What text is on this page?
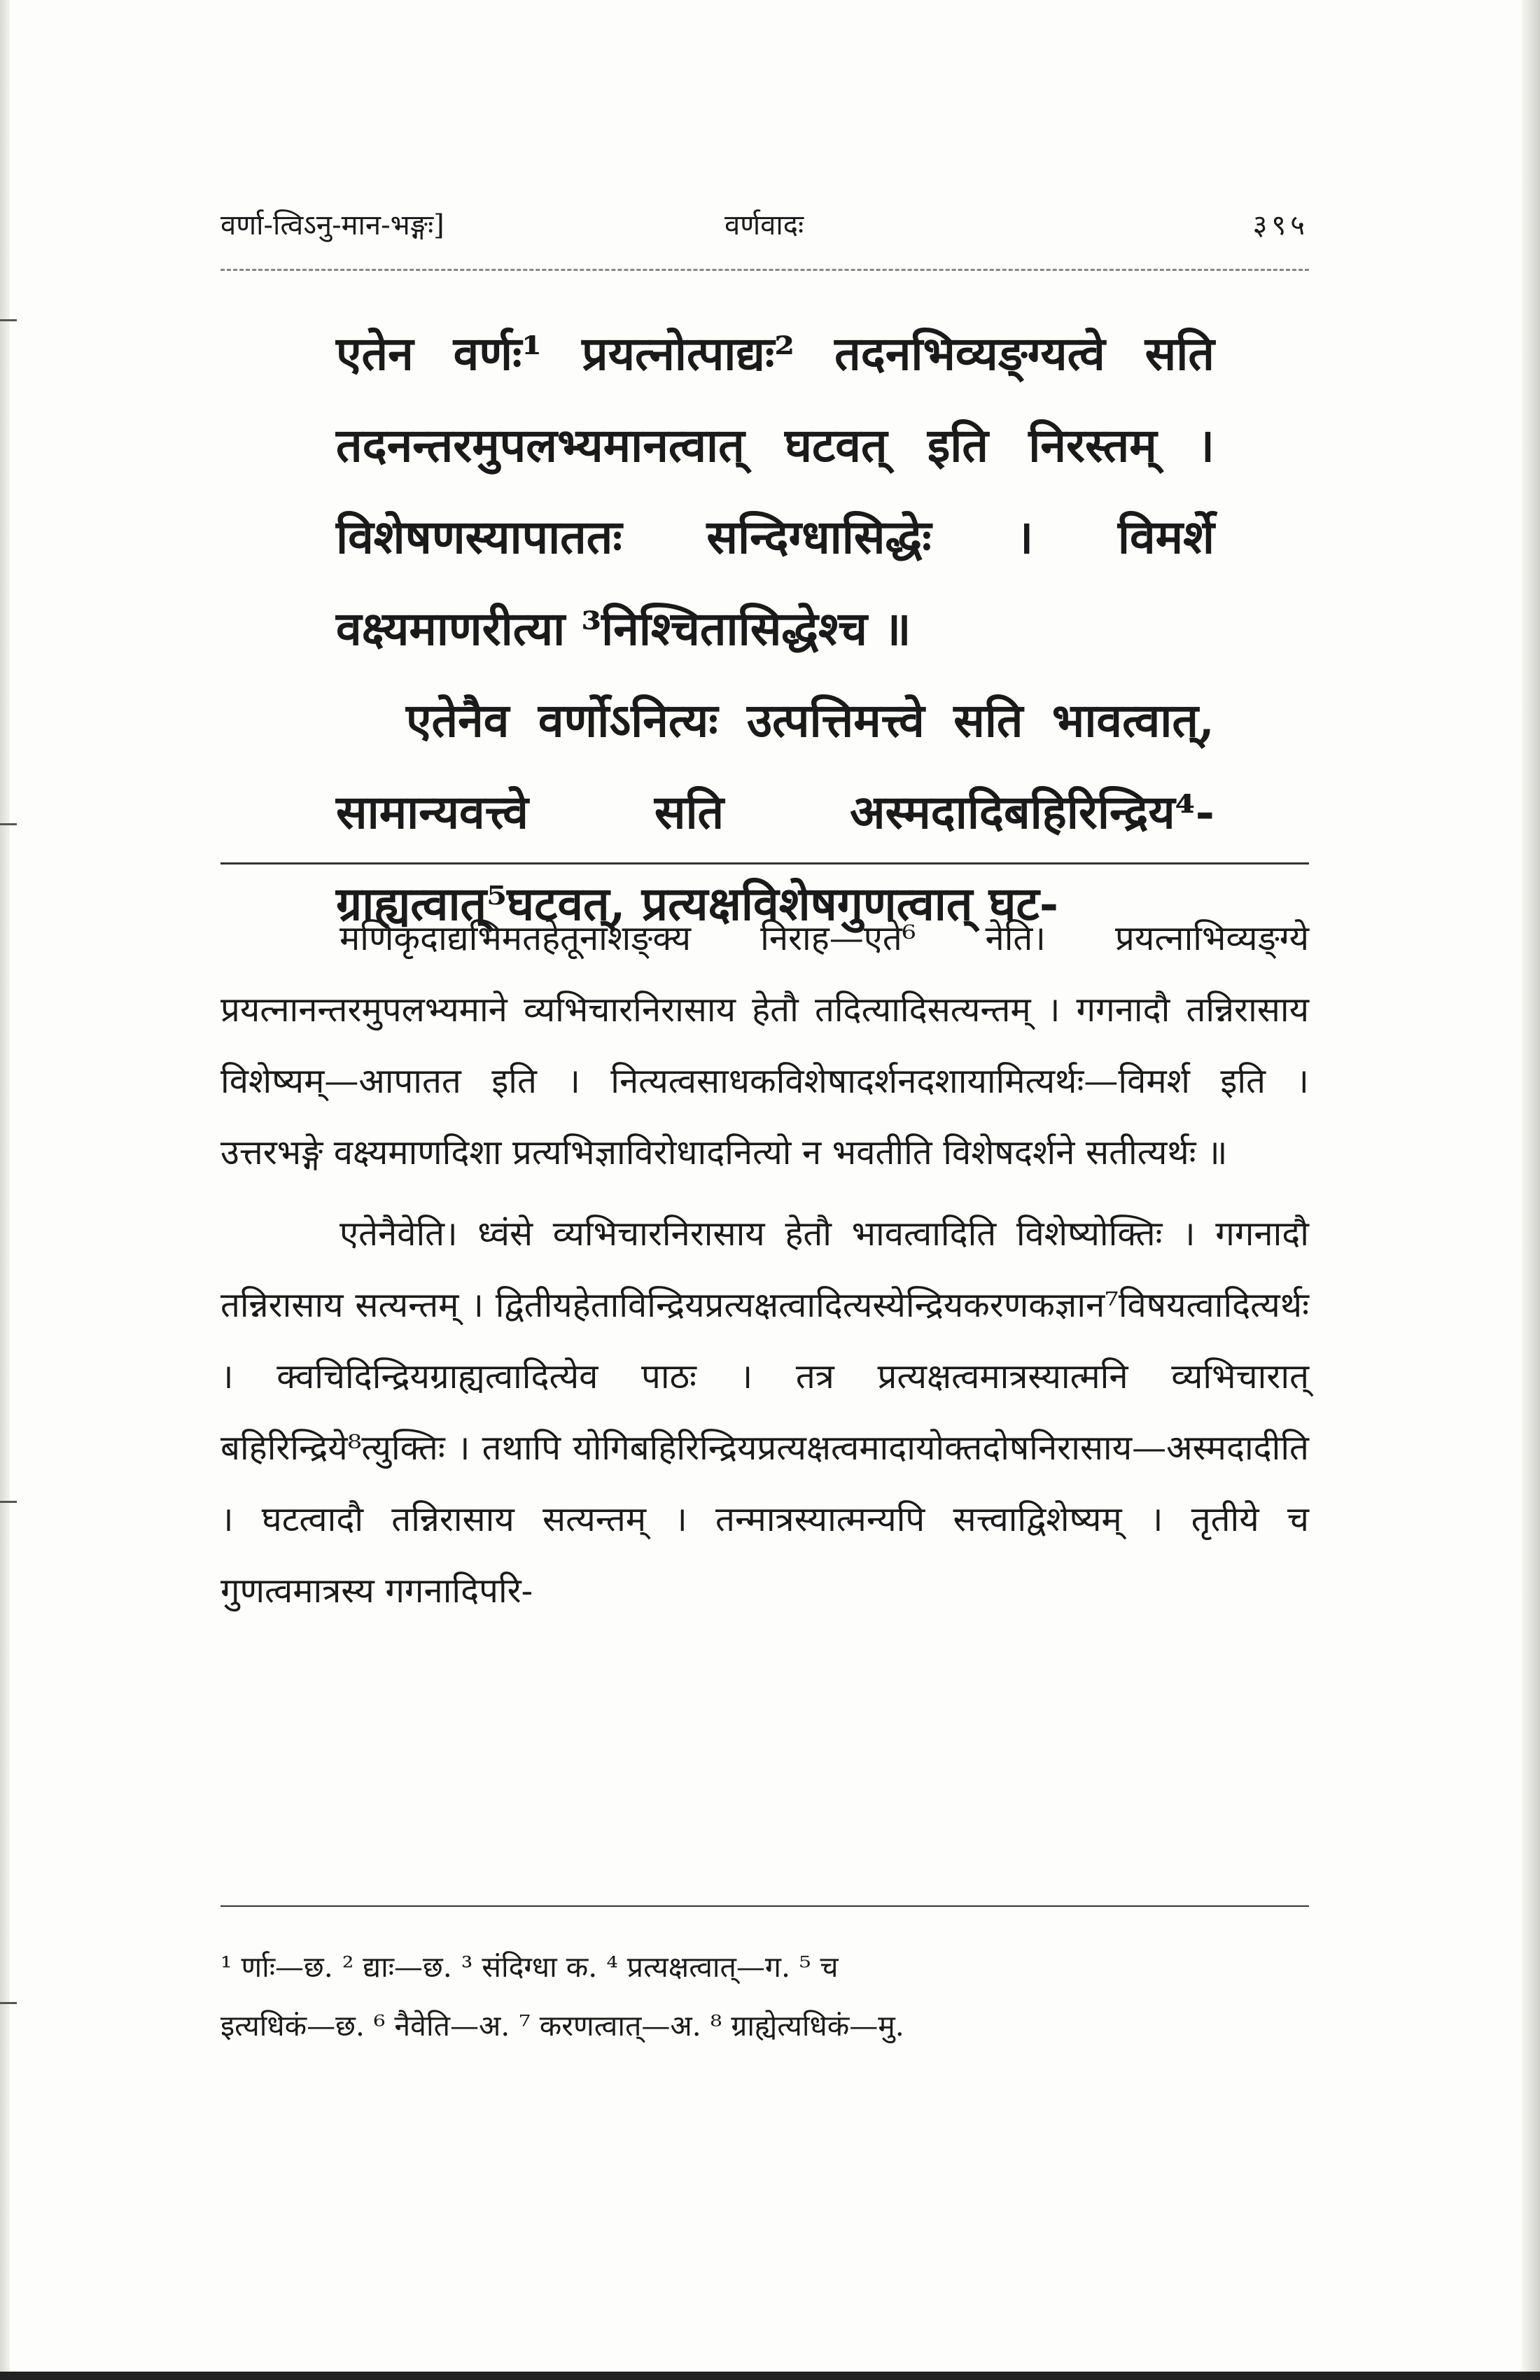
वर्णा-त्विऽनु-मान-भङ्गः]	वर्णवादः	३९५

एतेन वर्णः¹ प्रयत्नोत्पाद्यः² तदनभिव्यङ्ग्यत्वे सति तदनन्तरमुपलभ्यमानत्वात् घटवत् इति निरस्तम् । विशेषणस्यापाततः सन्दिग्धासिद्धेः । विमर्शे वक्ष्यमाणरीत्या ³निश्चितासिद्धेश्च ॥

एतेनैव वर्णोऽनित्यः उत्पत्तिमत्त्वे सति भावत्वात्, सामान्यवत्त्वे सति अस्मदादिबहिरिन्द्रिय⁴-ग्राह्यत्वात्⁵घटवत्, प्रत्यक्षविशेषगुणत्वात् घट-

मणिकृदाद्यभिमतहेतूनाशङ्क्य निराह—एते⁶ नेति। प्रयत्नाभिव्यङ्ग्ये प्रयत्नानन्तरमुपलभ्यमाने व्यभिचारनिरासाय हेतौ तदित्यादिसत्यन्तम् । गगनादौ तन्निरासाय विशेष्यम्—आपातत इति । नित्यत्वसाधकविशेषादर्शनदशायामित्यर्थः—विमर्श इति । उत्तरभङ्गे वक्ष्यमाणदिशा प्रत्यभिज्ञाविरोधादनित्यो न भवतीति विशेषदर्शने सतीत्यर्थः ॥

एतेनैवेति। ध्वंसे व्यभिचारनिरासाय हेतौ भावत्वादिति विशेष्योक्तिः । गगनादौ तन्निरासाय सत्यन्तम् । द्वितीयहेताविन्द्रियप्रत्यक्षत्वादित्यस्येन्द्रियकरणकज्ञान⁷विषयत्वादित्यर्थः । क्वचिदिन्द्रियग्राह्यत्वादित्येव पाठः । तत्र प्रत्यक्षत्वमात्रस्यात्मनि व्यभिचारात् बहिरिन्द्रिये⁸त्युक्तिः । तथापि योगिबहिरिन्द्रियप्रत्यक्षत्वमादायोक्तदोषनिरासाय—अस्मदादीति । घटत्वादौ तन्निरासाय सत्यन्तम् । तन्मात्रस्यात्मन्यपि सत्त्वाद्विशेष्यम् । तृतीये च गुणत्वमात्रस्य गगनादिपरि-

¹ र्णाः—छ. ² द्याः—छ. ³ संदिग्धा क. ⁴ प्रत्यक्षत्वात्—ग. ⁵ च

इत्यधिकं—छ. ⁶ नैवेति—अ. ⁷ करणत्वात्—अ. ⁸ ग्राह्येत्यधिकं—मु.
